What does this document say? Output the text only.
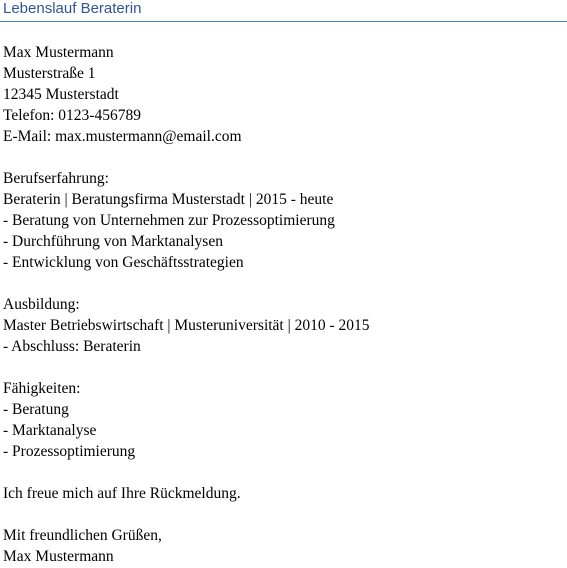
Lebenslauf Beraterin
Max Mustermann
Musterstraße 1
12345 Musterstadt
Telefon: 0123-456789
E-Mail: max.mustermann@email.com
Berufserfahrung:
Beraterin | Beratungsfirma Musterstadt | 2015 - heute
- Beratung von Unternehmen zur Prozessoptimierung
- Durchführung von Marktanalysen
- Entwicklung von Geschäftsstrategien
Ausbildung:
Master Betriebswirtschaft | Musteruniversität | 2010 - 2015
- Abschluss: Beraterin
Fähigkeiten:
- Beratung
- Marktanalyse
- Prozessoptimierung
Ich freue mich auf Ihre Rückmeldung.
Mit freundlichen Grüßen,
Max Mustermann
